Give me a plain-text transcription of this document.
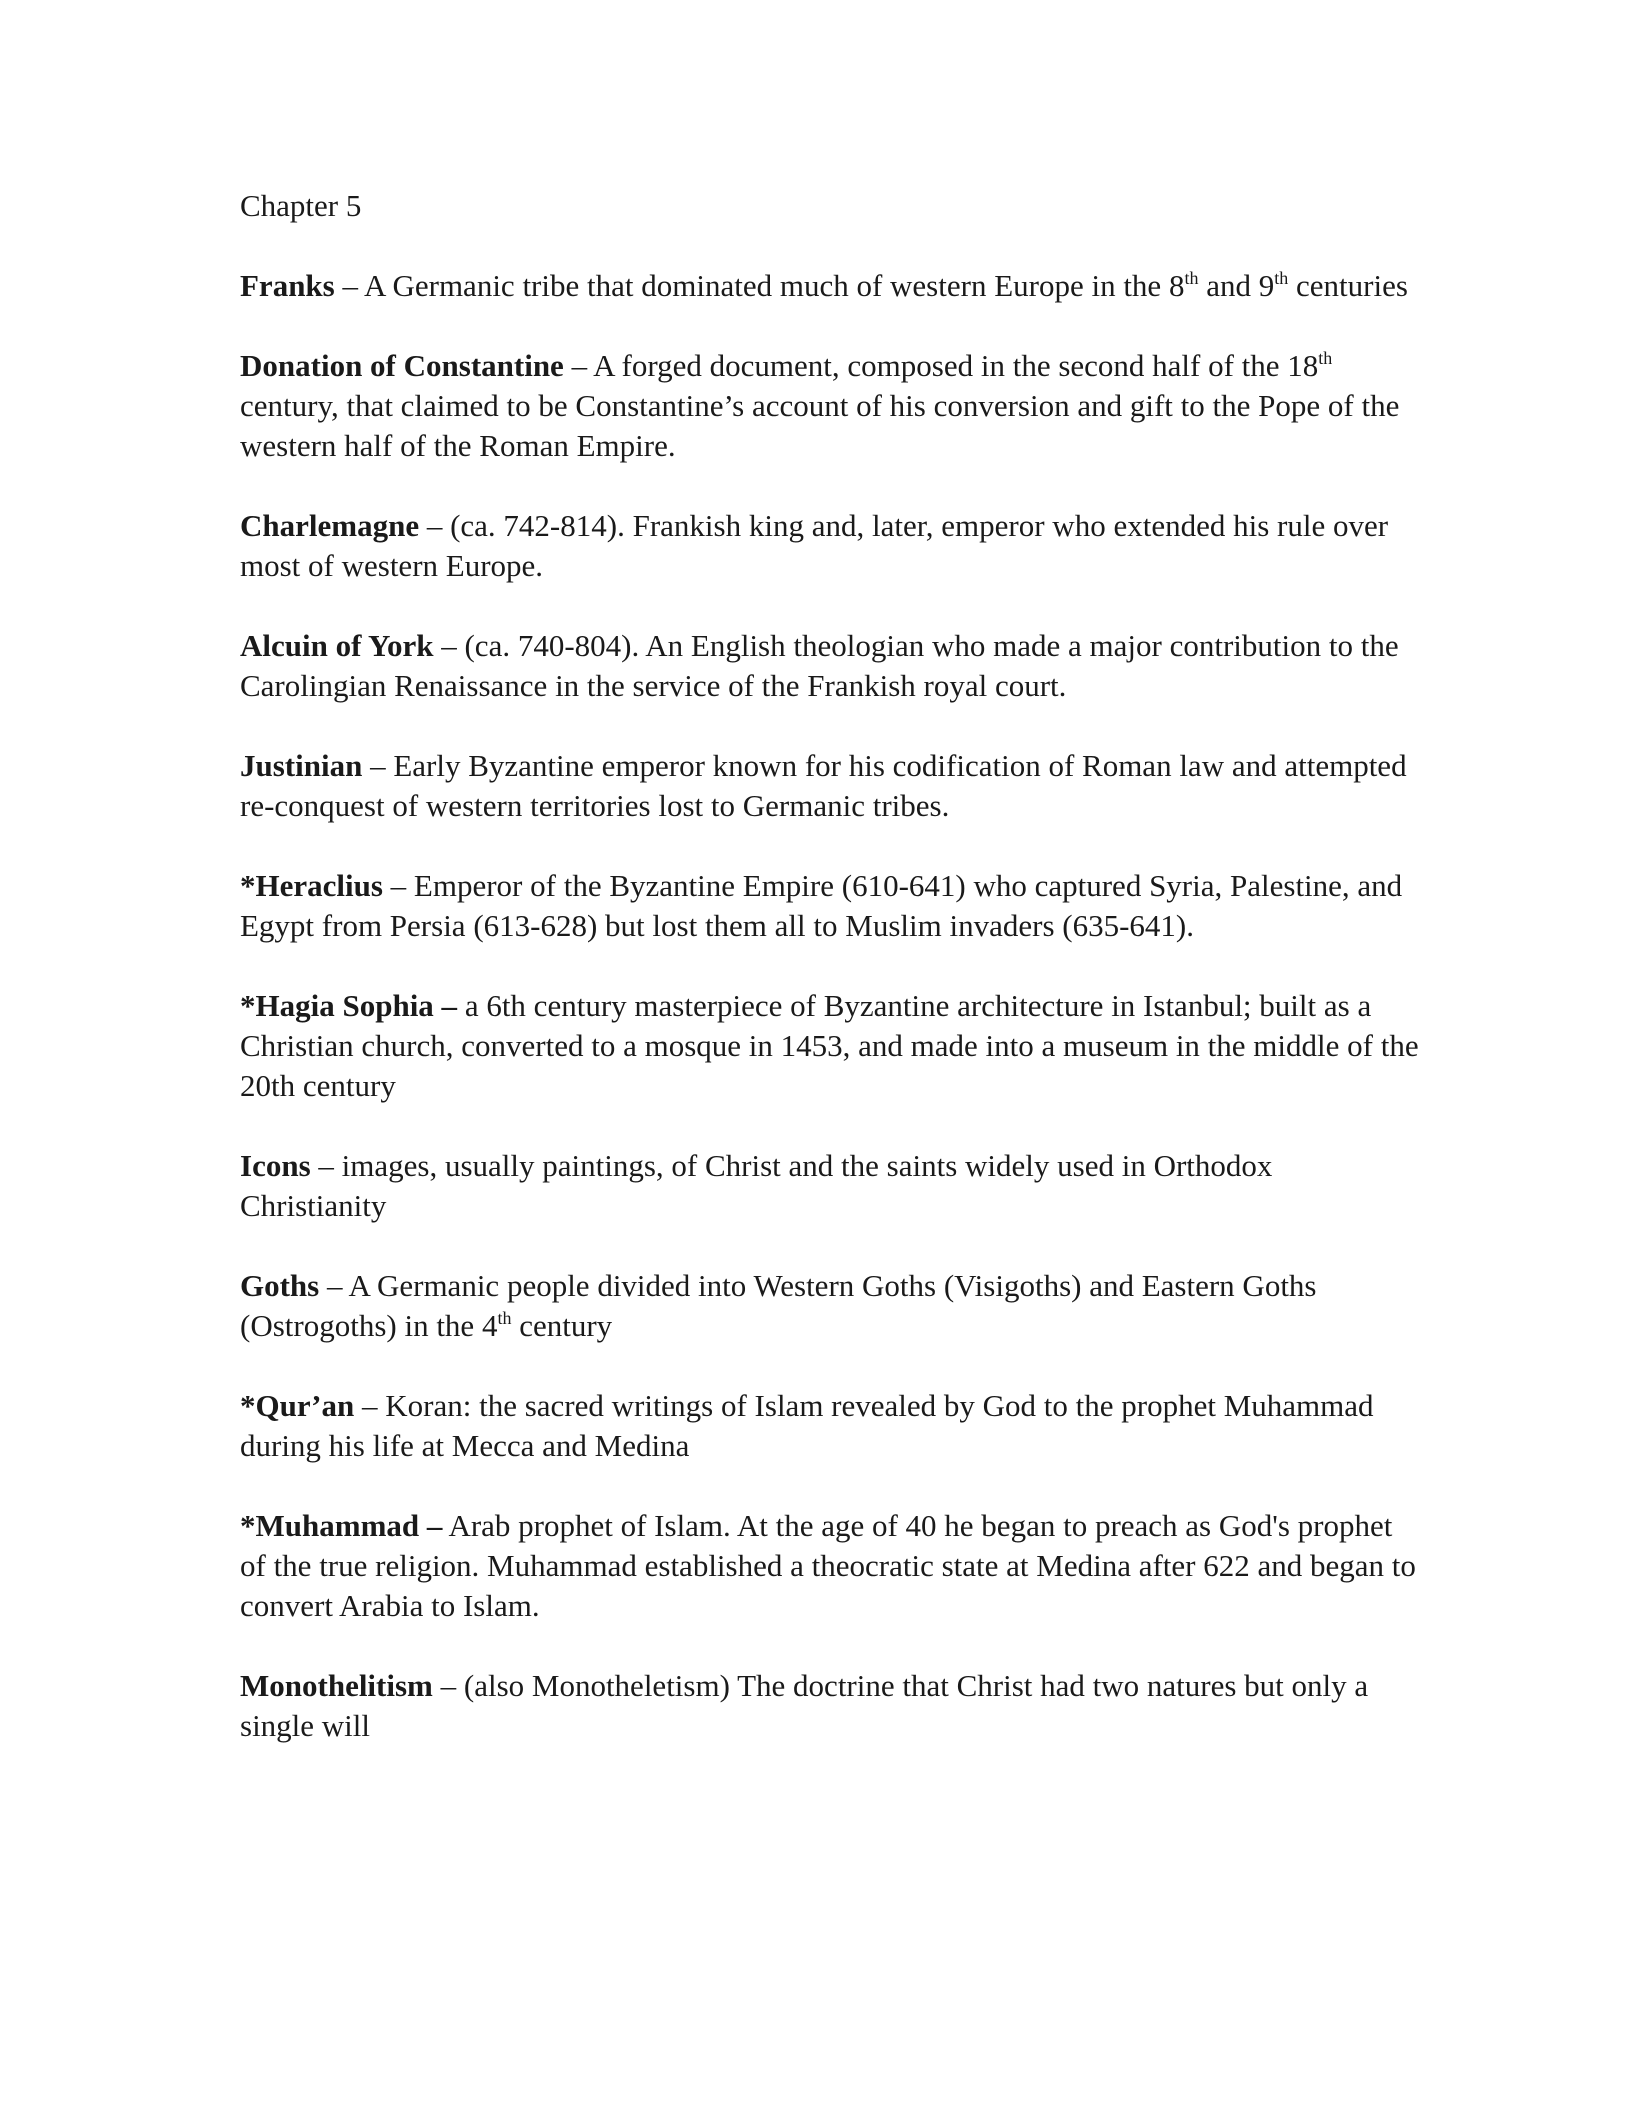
Chapter 5
Franks – A Germanic tribe that dominated much of western Europe in the 8th and 9th centuries
Donation of Constantine – A forged document, composed in the second half of the 18th century, that claimed to be Constantine’s account of his conversion and gift to the Pope of the western half of the Roman Empire.
Charlemagne – (ca. 742-814). Frankish king and, later, emperor who extended his rule over most of western Europe.
Alcuin of York – (ca. 740-804). An English theologian who made a major contribution to the Carolingian Renaissance in the service of the Frankish royal court.
Justinian – Early Byzantine emperor known for his codification of Roman law and attempted re-conquest of western territories lost to Germanic tribes.
*Heraclius – Emperor of the Byzantine Empire (610-641) who captured Syria, Palestine, and Egypt from Persia (613-628) but lost them all to Muslim invaders (635-641).
*Hagia Sophia – a 6th century masterpiece of Byzantine architecture in Istanbul; built as a Christian church, converted to a mosque in 1453, and made into a museum in the middle of the 20th century
Icons – images, usually paintings, of Christ and the saints widely used in Orthodox Christianity
Goths – A Germanic people divided into Western Goths (Visigoths) and Eastern Goths (Ostrogoths) in the 4th century
*Qur’an – Koran: the sacred writings of Islam revealed by God to the prophet Muhammad during his life at Mecca and Medina
*Muhammad – Arab prophet of Islam. At the age of 40 he began to preach as God's prophet of the true religion. Muhammad established a theocratic state at Medina after 622 and began to convert Arabia to Islam.
Monothelitism – (also Monotheletism) The doctrine that Christ had two natures but only a single will
